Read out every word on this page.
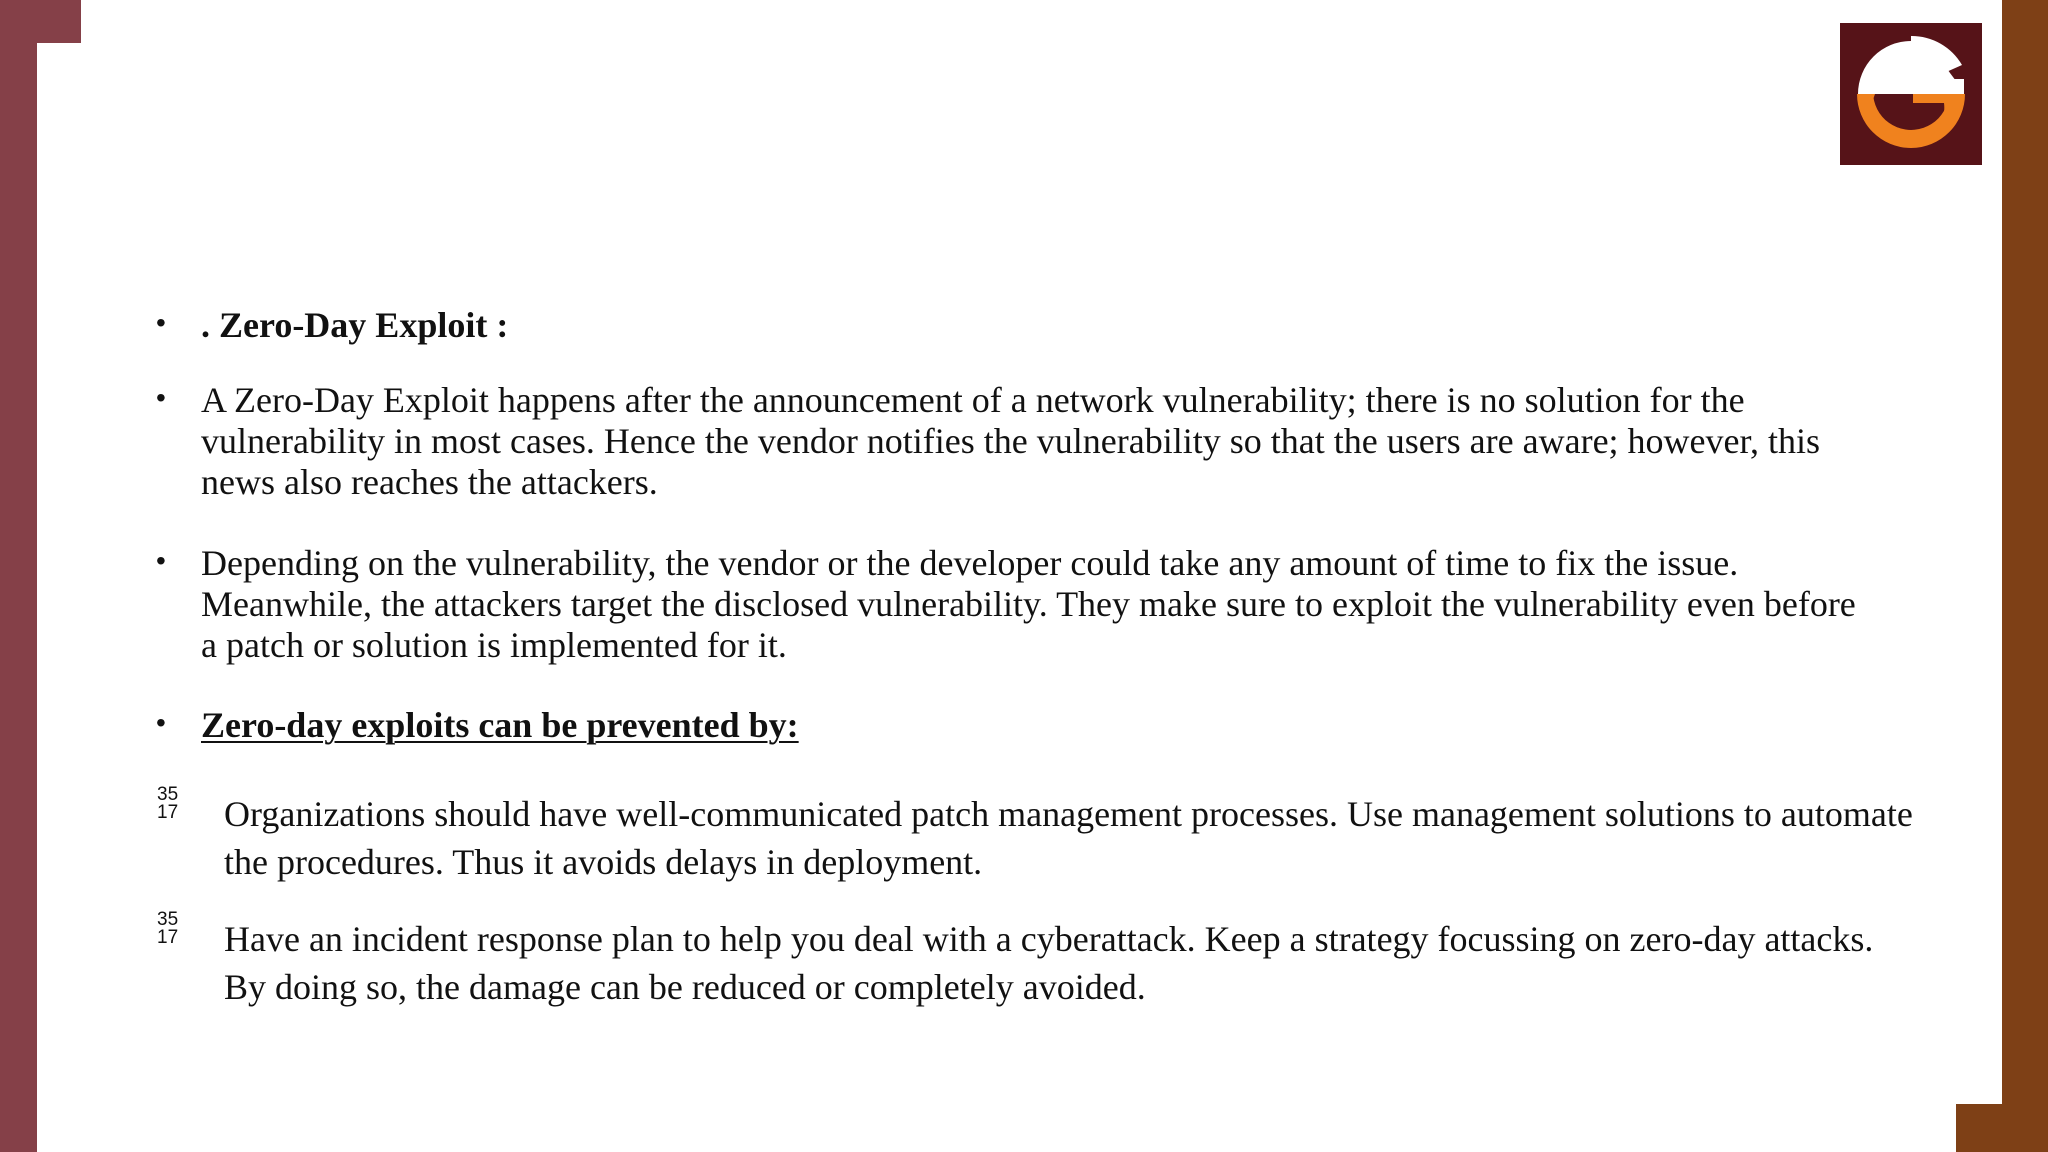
• . Zero-Day Exploit :
• A Zero-Day Exploit happens after the announcement of a network vulnerability; there is no solution for the vulnerability in most cases. Hence the vendor notifies the vulnerability so that the users are aware; however, this news also reaches the attackers.
• Depending on the vulnerability, the vendor or the developer could take any amount of time to fix the issue. Meanwhile, the attackers target the disclosed vulnerability. They make sure to exploit the vulnerability even before a patch or solution is implemented for it.
• Zero-day exploits can be prevented by:
35
17 Organizations should have well-communicated patch management processes. Use management solutions to automate the procedures. Thus it avoids delays in deployment.
35
17 Have an incident response plan to help you deal with a cyberattack. Keep a strategy focussing on zero-day attacks. By doing so, the damage can be reduced or completely avoided.
